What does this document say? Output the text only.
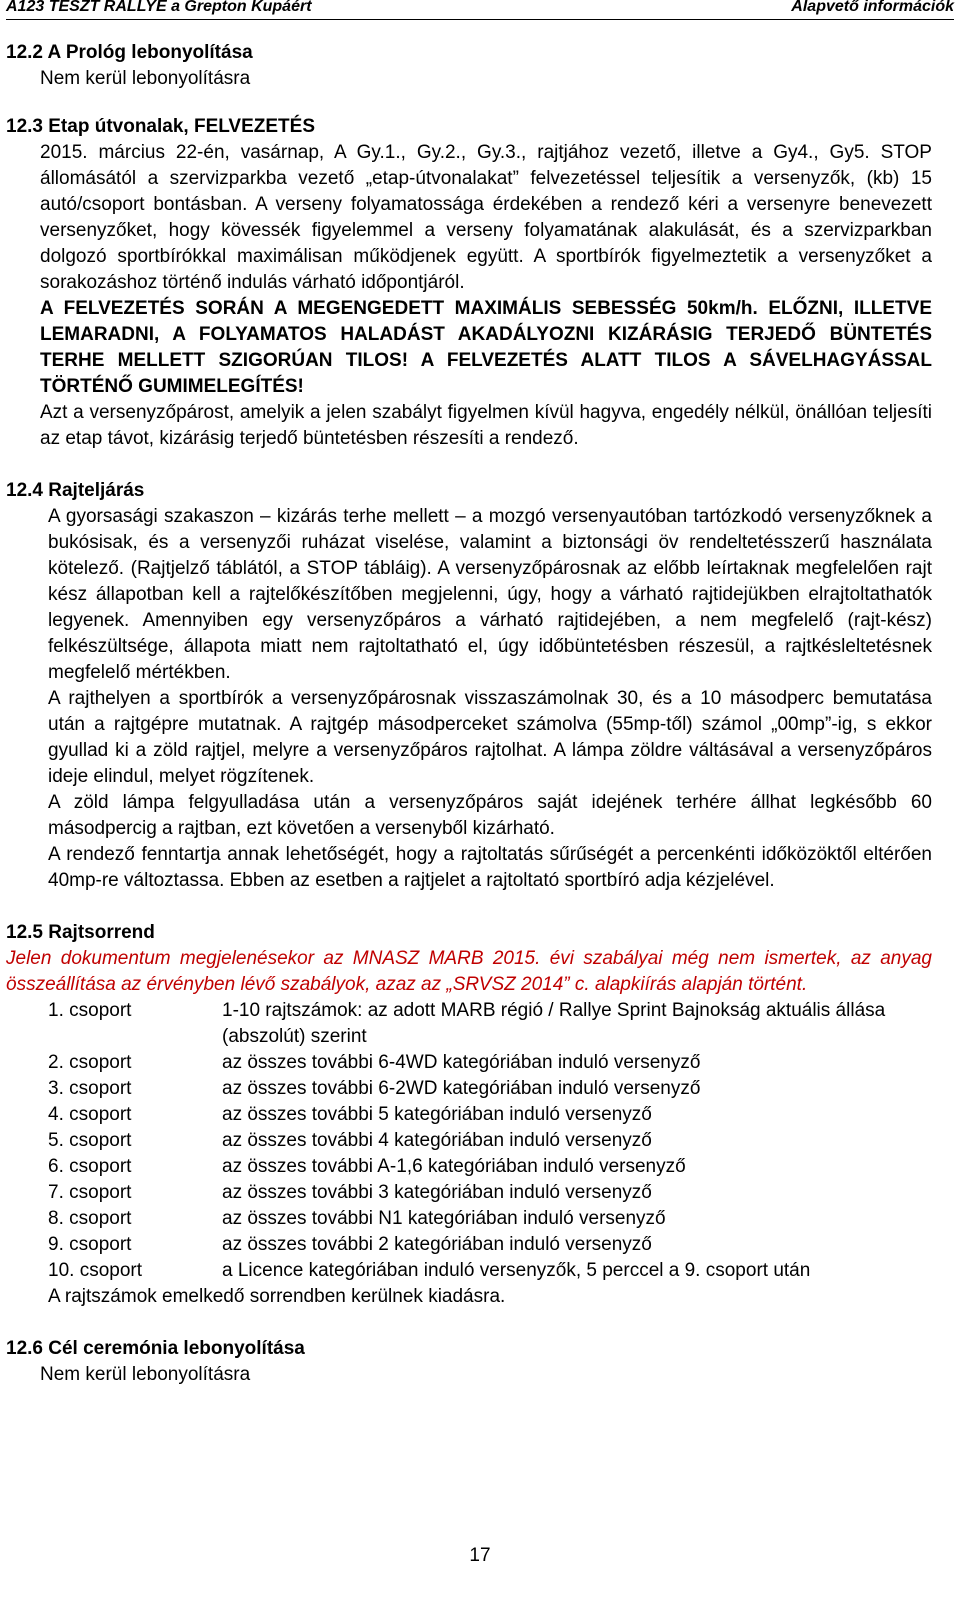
A123 TESZT RALLYE a Grepton Kupáért	Alapvető információk

12.2 A Prológ lebonyolítása

Nem kerül lebonyolításra

12.3 Etap útvonalak, FELVEZETÉS

2015. március 22-én, vasárnap, A Gy.1., Gy.2., Gy.3., rajtjához vezető, illetve a Gy4., Gy5. STOP állomásától a szervizparkba vezető „etap-útvonalakat” felvezetéssel teljesítik a versenyzők, (kb) 15 autó/csoport bontásban. A verseny folyamatossága érdekében a rendező kéri a versenyre benevezett versenyzőket, hogy kövessék figyelemmel a verseny folyamatának alakulását, és a szervizparkban dolgozó sportbírókkal maximálisan működjenek együtt. A sportbírók figyelmeztetik a versenyzőket a sorakozáshoz történő indulás várható időpontjáról.

A FELVEZETÉS SORÁN A MEGENGEDETT MAXIMÁLIS SEBESSÉG 50km/h. ELŐZNI, ILLETVE LEMARADNI, A FOLYAMATOS HALADÁST AKADÁLYOZNI KIZÁRÁSIG TERJEDŐ BÜNTETÉS TERHE MELLETT SZIGORÚAN TILOS! A FELVEZETÉS ALATT TILOS A SÁVELHAGYÁSSAL TÖRTÉNŐ GUMIMELEGÍTÉS!

Azt a versenyzőpárost, amelyik a jelen szabályt figyelmen kívül hagyva, engedély nélkül, önállóan teljesíti az etap távot, kizárásig terjedő büntetésben részesíti a rendező.

12.4 Rajteljárás

A gyorsasági szakaszon – kizárás terhe mellett – a mozgó versenyautóban tartózkodó versenyzőknek a bukósisak, és a versenyzői ruházat viselése, valamint a biztonsági öv rendeltetésszerű használata kötelező. (Rajtjelző táblától, a STOP tábláig). A versenyzőpárosnak az előbb leírtaknak megfelelően rajt kész állapotban kell a rajtelőkészítőben megjelenni, úgy, hogy a várható rajtidejükben elrajtoltathatók legyenek. Amennyiben egy versenyzőpáros a várható rajtidejében, a nem megfelelő (rajt-kész) felkészültsége, állapota miatt nem rajtoltatható el, úgy időbüntetésben részesül, a rajtkésleltetésnek megfelelő mértékben.

A rajthelyen a sportbírók a versenyzőpárosnak visszaszámolnak 30, és a 10 másodperc bemutatása után a rajtgépre mutatnak. A rajtgép másodperceket számolva (55mp-től) számol „00mp”-ig, s ekkor gyullad ki a zöld rajtjel, melyre a versenyzőpáros rajtolhat. A lámpa zöldre váltásával a versenyzőpáros ideje elindul, melyet rögzítenek.

A zöld lámpa felgyulladása után a versenyzőpáros saját idejének terhére állhat legkésőbb 60 másodpercig a rajtban, ezt követően a versenyből kizárható.

A rendező fenntartja annak lehetőségét, hogy a rajtoltatás sűrűségét a percenkénti időközöktől eltérően 40mp-re változtassa. Ebben az esetben a rajtjelet a rajtoltató sportbíró adja kézjelével.

12.5 Rajtsorrend

Jelen dokumentum megjelenésekor az MNASZ MARB 2015. évi szabályai még nem ismertek, az anyag összeállítása az érvényben lévő szabályok, azaz az „SRVSZ 2014” c. alapkiírás alapján történt.

1. csoport	1-10 rajtszámok: az adott MARB régió / Rallye Sprint Bajnokság aktuális állása (abszolút) szerint
2. csoport	az összes további 6-4WD kategóriában induló versenyző
3. csoport	az összes további 6-2WD kategóriában induló versenyző
4. csoport	az összes további 5 kategóriában induló versenyző
5. csoport	az összes további 4 kategóriában induló versenyző
6. csoport	az összes további A-1,6 kategóriában induló versenyző
7. csoport	az összes további 3 kategóriában induló versenyző
8. csoport	az összes további N1 kategóriában induló versenyző
9. csoport	az összes további 2 kategóriában induló versenyző
10. csoport	a Licence kategóriában induló versenyzők, 5 perccel a 9. csoport után

A rajtszámok emelkedő sorrendben kerülnek kiadásra.

12.6 Cél ceremónia lebonyolítása

Nem kerül lebonyolításra

17
